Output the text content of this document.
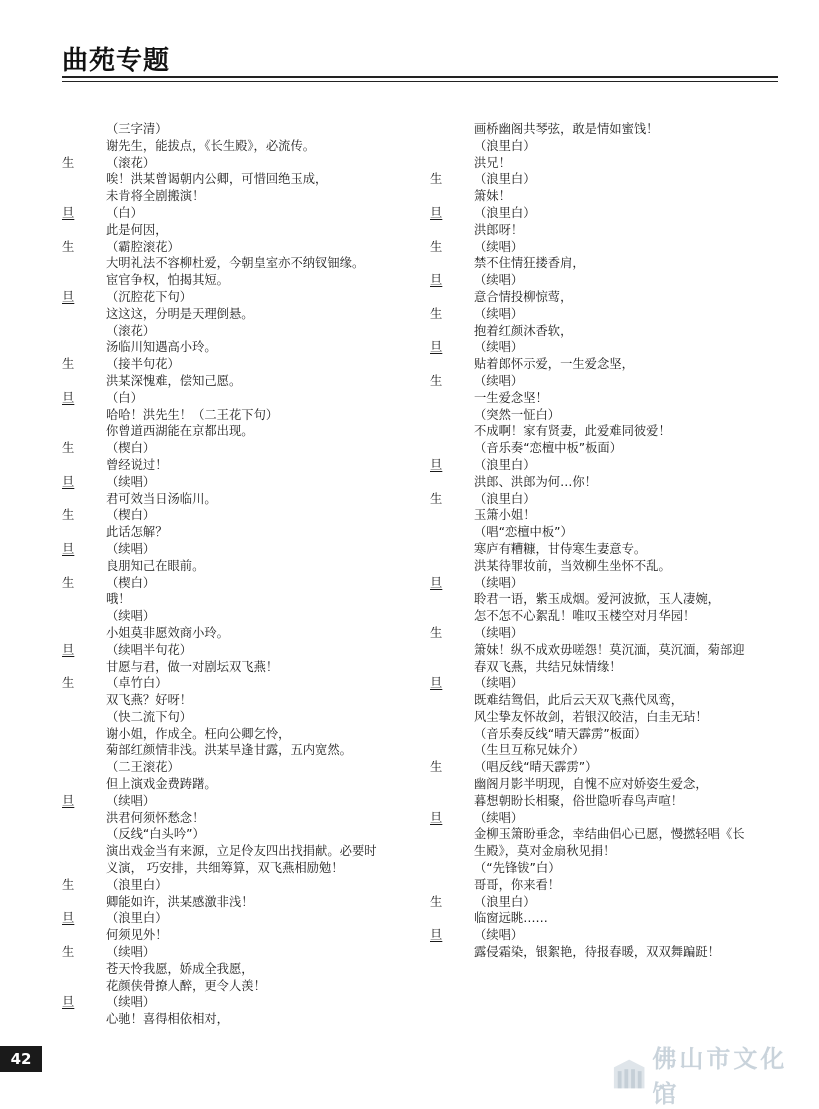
曲苑专题
（三字清）
谢先生，能拔点，《长生殿》，必流传。
生	（滚花）
唉！洪某曾谒朝内公卿，可惜回绝玉成，
未肯将全剧搬演！
旦	（白）
此是何因，
生	（霸腔滚花）
大明礼法不容柳杜爱，今朝皇室亦不纳钗钿缘。
宦官争权，怕揭其短。
旦	（沉腔花下句）
这这这，分明是天理倒悬。
（滚花）
汤临川知遇高小玲。
生	（接半句花）
洪某深愧难，偿知己愿。
旦	（白）
哈哈！洪先生！（二王花下句）
你曾道西湖能在京都出现。
生	（楔白）
曾经说过！
旦	（续唱）
君可效当日汤临川。
生	（楔白）
此话怎解？
旦	（续唱）
良朋知己在眼前。
生	（楔白）
哦！
（续唱）
小姐莫非愿效商小玲。
旦	（续唱半句花）
甘愿与君，做一对剧坛双飞燕！
生	（卓竹白）
双飞燕？好呀！
（快二流下句）
谢小姐，作成全。枉向公卿乞怜，
菊部红颜情非浅。洪某旱逢甘露，五内宽然。
（二王滚花）
但上演戏金费踌躇。
旦	（续唱）
洪君何须怀愁念！
（反线“白头吟”）
演出戏金当有来源，立足伶友四出找捐献。必要时
义演， 巧安排，共细筹算，双飞燕相励勉！
生	（浪里白）
卿能如许，洪某感激非浅！
旦	（浪里白）
何须见外！
生	（续唱）
苍天怜我愿，娇成全我愿，
花颜侠骨撩人醉，更令人羡！
旦	（续唱）
心驰！喜得相依相对，
画桥幽阁共琴弦，敢是情如蜜饯！
（浪里白）
洪兄！
生	（浪里白）
箫妹！
旦	（浪里白）
洪郎呀！
生	（续唱）
禁不住情狂搂香肩，
旦	（续唱）
意合情投柳惊莺，
生	（续唱）
抱着红颜沐香软，
旦	（续唱）
贴着郎怀示爱，一生爱念坚，
生	（续唱）
一生爱念坚！
（突然一怔白）
不成啊！家有贤妻，此爱难同彼爱！
（音乐奏“恋檀中板”板面）
旦	（浪里白）
洪郎、洪郎为何…你！
生	（浪里白）
玉箫小姐！
（唱“恋檀中板”）
寒庐有糟糠，甘侍寒生妻意专。
洪某待罪妆前，当效柳生坐怀不乱。
旦	（续唱）
聆君一语，紫玉成烟。爱河波掀，玉人凄婉，
怎不怎不心絮乱！唯叹玉楼空对月华园！
生	（续唱）
箫妹！纵不成欢毋嗟怨！莫沉湎，莫沉湎，菊部迎
春双飞燕，共结兄妹情缘！
旦	（续唱）
既难结鸳侣，此后云天双飞燕代凤鸾，
风尘挚友怀故剑，若银汉皎洁，白圭无玷！
（音乐奏反线“晴天霹雳”板面）
（生旦互称兄妹介）
生	（唱反线“晴天霹雳”）
幽阁月影半明现，自愧不应对娇姿生爱念，
暮想朝盼长相聚，俗世隐听春鸟声喧！
旦	（续唱）
金柳玉箫盼垂念，幸结曲侣心已愿，慢撚轻唱《长
生殿》，莫对金扇秋见捐！
（“先锋钹”白）
哥哥，你来看！
生	（浪里白）
临窗远眺……
旦	（续唱）
露侵霜染，银絮艳，待报春暖，双双舞蹁跹！
42	佛山市文化馆
